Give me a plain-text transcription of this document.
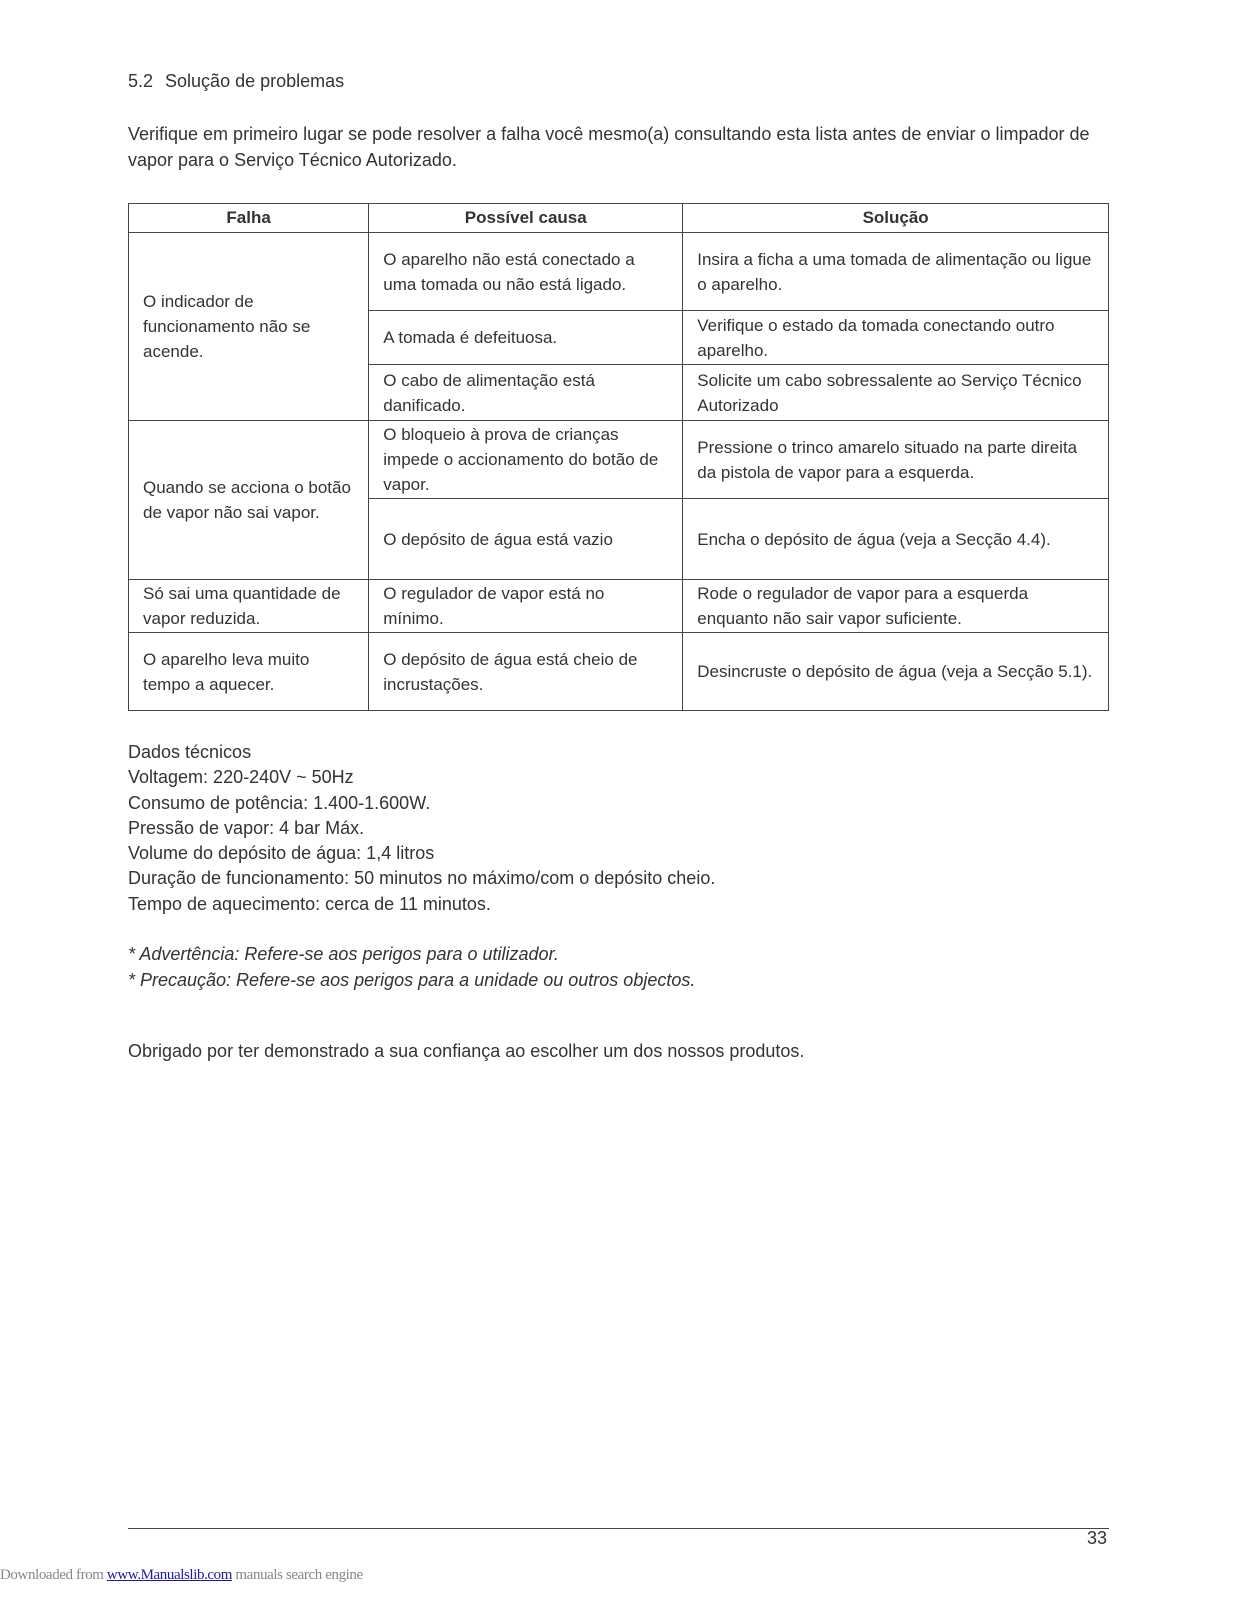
5.2 Solução de problemas
Verifique em primeiro lugar se pode resolver a falha você mesmo(a) consultando esta lista antes de enviar o limpador de vapor para o Serviço Técnico Autorizado.
Falha	Possível causa	Solução
O indicador de funcionamento não se acende.	O aparelho não está conectado a uma tomada ou não está ligado.	Insira a ficha a uma tomada de alimentação ou ligue o aparelho.
	A tomada é defeituosa.	Verifique o estado da tomada conectando outro aparelho.
	O cabo de alimentação está danificado.	Solicite um cabo sobressalente ao Serviço Técnico Autorizado
Quando se acciona o botão de vapor não sai vapor.	O bloqueio à prova de crianças impede o accionamento do botão de vapor.	Pressione o trinco amarelo situado na parte direita da pistola de vapor para a esquerda.
	O depósito de água está vazio	Encha o depósito de água (veja a Secção 4.4).
Só sai uma quantidade de vapor reduzida.	O regulador de vapor está no mínimo.	Rode o regulador de vapor para a esquerda enquanto não sair vapor suficiente.
O aparelho leva muito tempo a aquecer.	O depósito de água está cheio de incrustações.	Desincruste o depósito de água (veja a Secção 5.1).
Dados técnicos
Voltagem: 220-240V ~ 50Hz
Consumo de potência: 1.400-1.600W.
Pressão de vapor: 4 bar Máx.
Volume do depósito de água: 1,4 litros
Duração de funcionamento: 50 minutos no máximo/com o depósito cheio.
Tempo de aquecimento: cerca de 11 minutos.
* Advertência: Refere-se aos perigos para o utilizador.
* Precaução: Refere-se aos perigos para a unidade ou outros objectos.
Obrigado por ter demonstrado a sua confiança ao escolher um dos nossos produtos.
33
Downloaded from www.Manualslib.com manuals search engine
